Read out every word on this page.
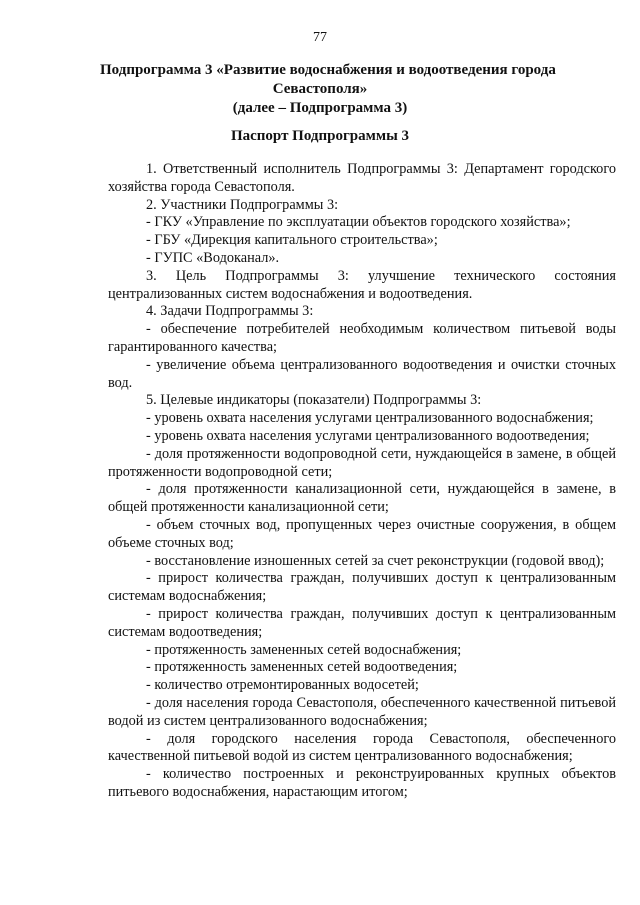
77
Подпрограмма 3 «Развитие водоснабжения и водоотведения города
Севастополя»
(далее – Подпрограмма 3)
Паспорт Подпрограммы 3

1. Ответственный исполнитель Подпрограммы 3: Департамент городского хозяйства города Севастополя.

2. Участники Подпрограммы 3:

- ГКУ «Управление по эксплуатации объектов городского хозяйства»;

- ГБУ «Дирекция капитального строительства»;

- ГУПС «Водоканал».

3. Цель Подпрограммы 3: улучшение технического состояния централизованных систем водоснабжения и водоотведения.

4. Задачи Подпрограммы 3:

- обеспечение потребителей необходимым количеством питьевой воды гарантированного качества;

- увеличение объема централизованного водоотведения и очистки сточных вод.

5. Целевые индикаторы (показатели) Подпрограммы 3:

- уровень охвата населения услугами централизованного водоснабжения;

- уровень охвата населения услугами централизованного водоотведения;

- доля протяженности водопроводной сети, нуждающейся в замене, в общей протяженности водопроводной сети;

- доля протяженности канализационной сети, нуждающейся в замене, в общей протяженности канализационной сети;

- объем сточных вод, пропущенных через очистные сооружения, в общем объеме сточных вод;

- восстановление изношенных сетей за счет реконструкции (годовой ввод);

- прирост количества граждан, получивших доступ к централизованным системам водоснабжения;

- прирост количества граждан, получивших доступ к централизованным системам водоотведения;

- протяженность замененных сетей водоснабжения;

- протяженность замененных сетей водоотведения;

- количество отремонтированных водосетей;

- доля населения города Севастополя, обеспеченного качественной питьевой водой из систем централизованного водоснабжения;

- доля городского населения города Севастополя, обеспеченного качественной питьевой водой из систем централизованного водоснабжения;

- количество построенных и реконструированных крупных объектов питьевого водоснабжения, нарастающим итогом;
